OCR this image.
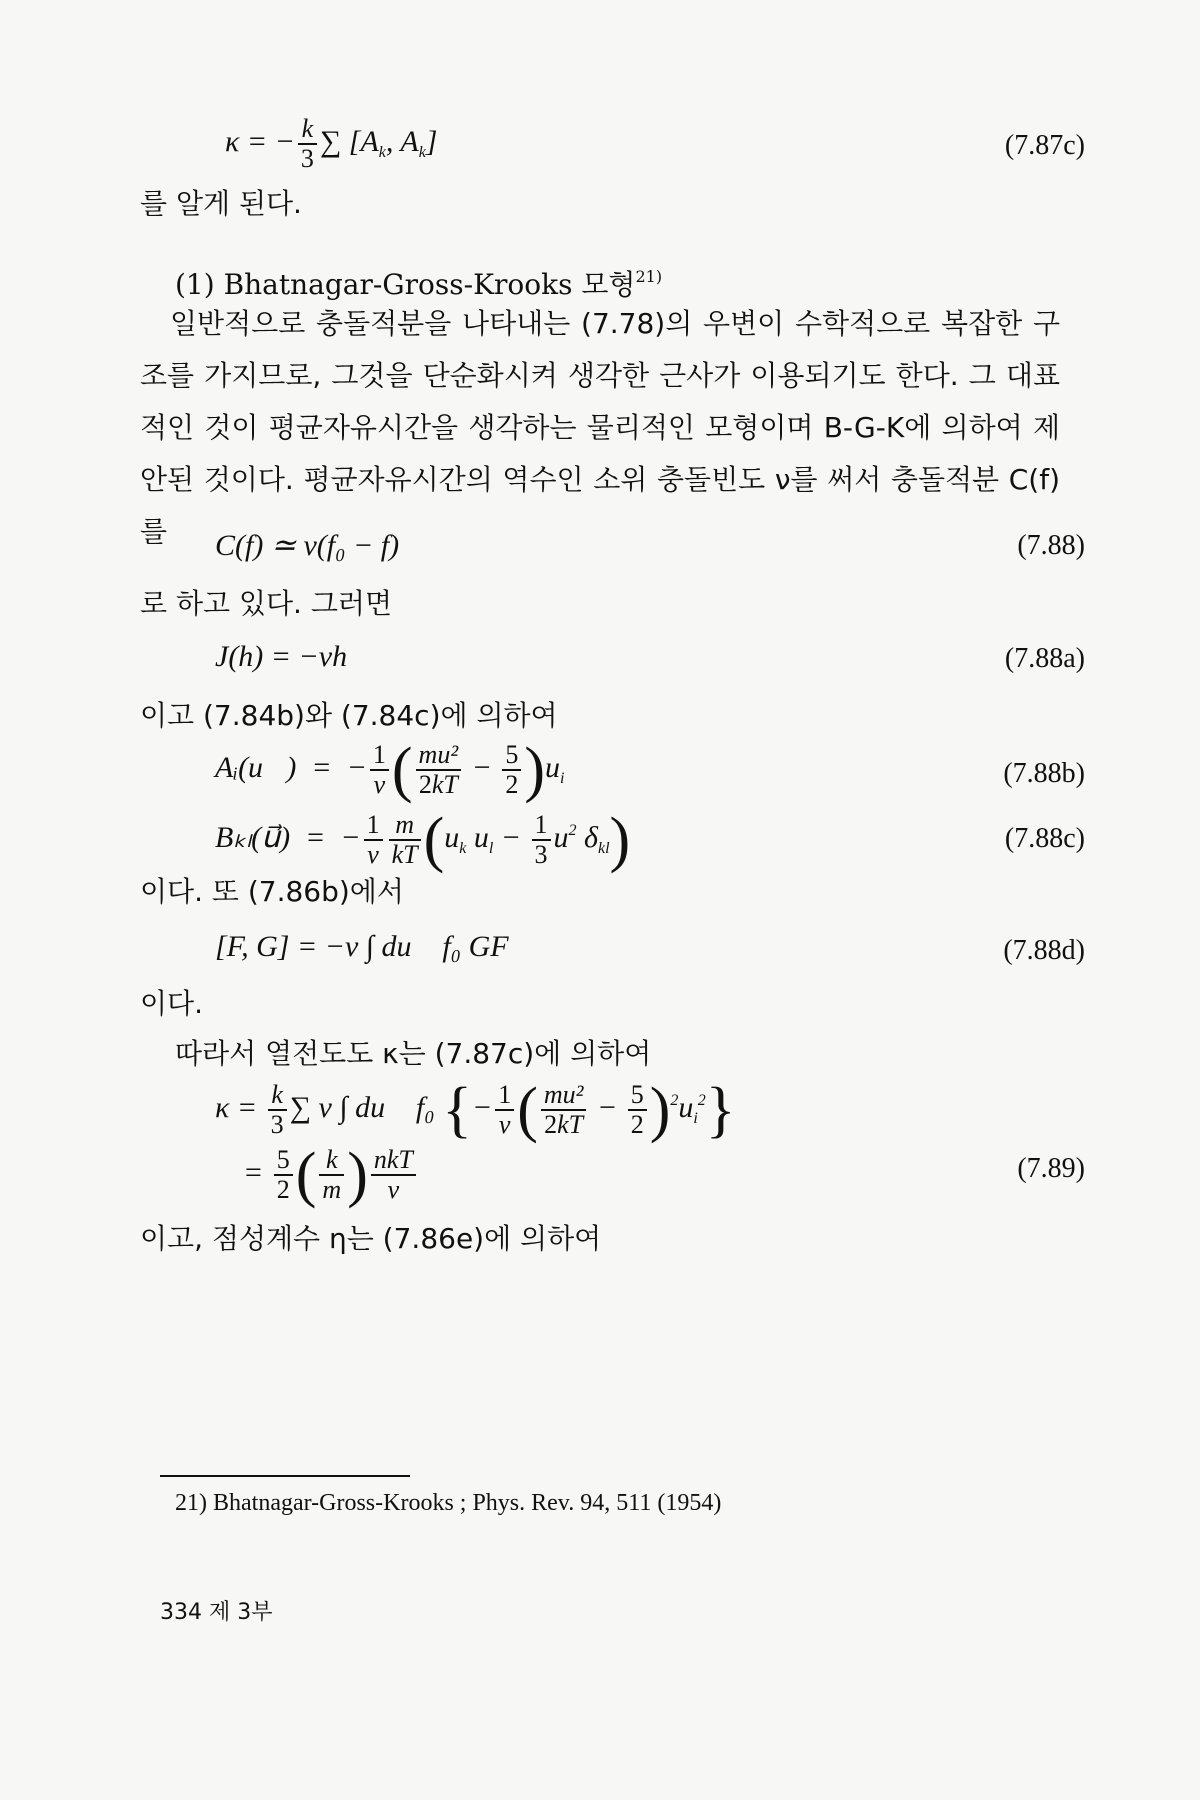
κ = − $\frac{k}{3}$ ∑ [$A_k$, $A_k$]	(7.87c)
를 알게 된다.
(1) Bhatnagar-Gross-Krooks 모형$^{21)}$
일반적으로 충돌적분을 나타내는 (7.78)의 우변이 수학적으로 복잡한 구조를 가지므로, 그것을 단순화시켜 생각한 근사가 이용되기도 한다. 그 대표적인 것이 평균자유시간을 생각하는 물리적인 모형이며 B-G-K에 의하여 제안된 것이다. 평균자유시간의 역수인 소위 충돌빈도 ν를 써서 충돌적분 C(f)를	C(f) ≃ ν(f₀ − f)	(7.88)
로 하고 있다. 그러면
J(h) = −νh	(7.88a)
이고 (7.84b)와 (7.84c)에 의하여
Aᵢ(u⃗)  =  − $\frac{1}{\nu}$ ( $\frac{\text{mu²}}{2kT} - \frac{5}{2} )u_i$	(7.88b)
Bₖₗ(u⃗)  =  − $\frac{1}{\nu} \frac{m}{kT} (u_k$ $u_l - \frac{1}{3} u^2$ $\delta_{kl}$)	(7.88c)
이다. 또 (7.86b)에서
[F, G] = −ν ∫ du⃗ f₀ GF	(7.88d)
이다.
따라서 열전도도 κ는 (7.87c)에 의하여
$\kappa = \frac{k}{3}$ ∑ ν ∫ du⃗ f₀ {− $\frac{1}{\nu}$ ( $\frac{\text{mu²}}{2kT} - \frac{5}{2} )^2u_i^2$}
= $\frac{5}{2}$ ( $\frac{k}{m}$ ) $\frac{\text{nkT}}{\nu}$	(7.89)
이고, 점성계수 η는 (7.86e)에 의하여
21) Bhatnagar-Gross-Krooks ; Phys. Rev. 94, 511 (1954)
334 제 3부
